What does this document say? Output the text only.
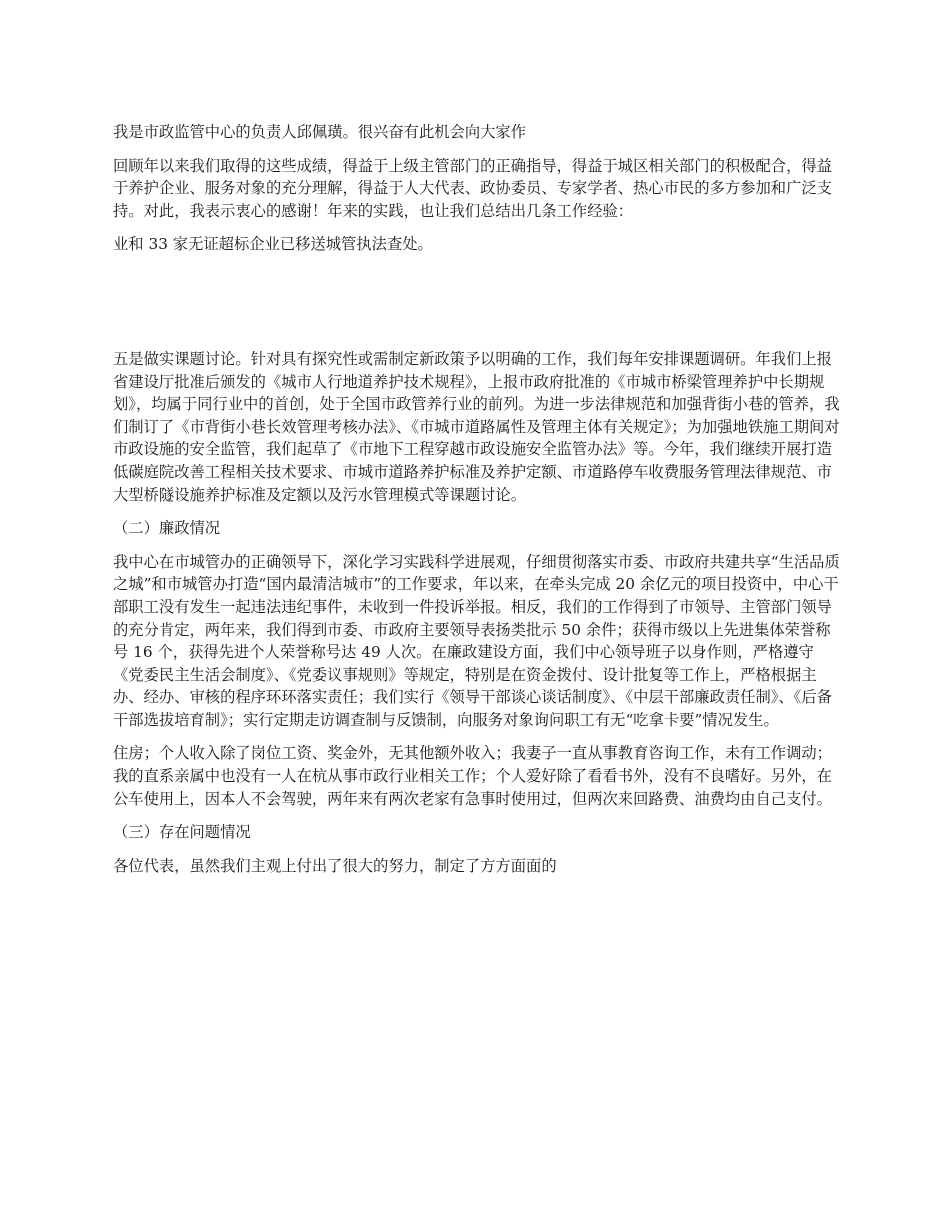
我是市政监管中心的负责人邱佩璜。很兴奋有此机会向大家作

回顾年以来我们取得的这些成绩，得益于上级主管部门的正确指导，得益于城区相关部门的积极配合，得益于养护企业、服务对象的充分理解，得益于人大代表、政协委员、专家学者、热心市民的多方参加和广泛支持。对此，我表示衷心的感谢！年来的实践，也让我们总结出几条工作经验：

业和 33 家无证超标企业已移送城管执法查处。

五是做实课题讨论。针对具有探究性或需制定新政策予以明确的工作，我们每年安排课题调研。年我们上报省建设厅批准后颁发的《城市人行地道养护技术规程》，上报市政府批准的《市城市桥梁管理养护中长期规划》，均属于同行业中的首创，处于全国市政管养行业的前列。为进一步法律规范和加强背街小巷的管养，我们制订了《市背街小巷长效管理考核办法》、《市城市道路属性及管理主体有关规定》；为加强地铁施工期间对市政设施的安全监管，我们起草了《市地下工程穿越市政设施安全监管办法》等。今年，我们继续开展打造低碳庭院改善工程相关技术要求、市城市道路养护标准及养护定额、市道路停车收费服务管理法律规范、市大型桥隧设施养护标准及定额以及污水管理模式等课题讨论。

（二）廉政情况

我中心在市城管办的正确领导下，深化学习实践科学进展观，仔细贯彻落实市委、市政府共建共享“生活品质之城”和市城管办打造“国内最清洁城市”的工作要求，年以来，在牵头完成 20 余亿元的项目投资中，中心干部职工没有发生一起违法违纪事件，未收到一件投诉举报。相反，我们的工作得到了市领导、主管部门领导的充分肯定，两年来，我们得到市委、市政府主要领导表扬类批示 50 余件；获得市级以上先进集体荣誉称号 16 个，获得先进个人荣誉称号达 49 人次。在廉政建设方面，我们中心领导班子以身作则，严格遵守《党委民主生活会制度》、《党委议事规则》等规定，特别是在资金拨付、设计批复等工作上，严格根据主办、经办、审核的程序环环落实责任；我们实行《领导干部谈心谈话制度》、《中层干部廉政责任制》、《后备干部选拔培育制》；实行定期走访调查制与反馈制，向服务对象询问职工有无“吃拿卡要”情况发生。

住房；个人收入除了岗位工资、奖金外，无其他额外收入；我妻子一直从事教育咨询工作，未有工作调动；我的直系亲属中也没有一人在杭从事市政行业相关工作；个人爱好除了看看书外，没有不良嗜好。另外，在公车使用上，因本人不会驾驶，两年来有两次老家有急事时使用过，但两次来回路费、油费均由自己支付。

（三）存在问题情况

各位代表，虽然我们主观上付出了很大的努力，制定了方方面面的
